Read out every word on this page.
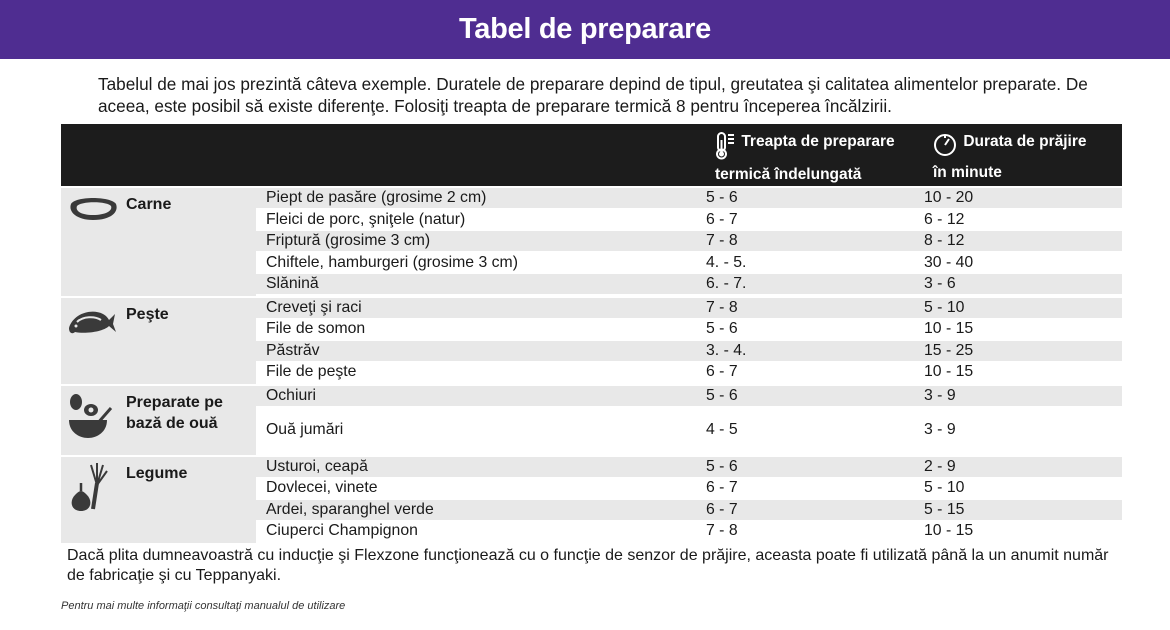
Tabel de preparare

Tabelul de mai jos prezintă câteva exemple. Duratele de preparare depind de tipul, greutatea şi calitatea alimentelor preparate. De aceea, este posibil să existe diferenţe. Folosiţi treapta de preparare termică 8 pentru începerea încălzirii.

Treapta de preparare
termică îndelungată
Durata de prăjire
în minute
Carne	Piept de pasăre (grosime 2 cm)	5 - 6	10 - 20
Fleici de porc, şniţele (natur)	6 - 7	6 - 12
Friptură (grosime 3 cm)	7 - 8	8 - 12
Chiftele, hamburgeri (grosime 3 cm)	4. - 5.	30 - 40
Slănină	6. - 7.	3 - 6
Peşte	Creveţi şi raci	7 - 8	5 - 10
File de somon	5 - 6	10 - 15
Păstrăv	3. - 4.	15 - 25
File de peşte	6 - 7	10 - 15
Preparate pe bază de ouă
Ochiuri	5 - 6	3 - 9
Ouă jumări	4 - 5	3 - 9
Legume	Usturoi, ceapă	5 - 6	2 - 9
Dovlecei, vinete	6 - 7	5 - 10
Ardei, sparanghel verde	6 - 7	5 - 15
Ciuperci Champignon	7 - 8	10 - 15

Dacă plita dumneavoastră cu inducţie şi Flexzone funcţionează cu o funcţie de senzor de prăjire, aceasta poate fi utilizată până la un anumit număr de fabricaţie şi cu Teppanyaki.

Pentru mai multe informaţii consultaţi manualul de utilizare
